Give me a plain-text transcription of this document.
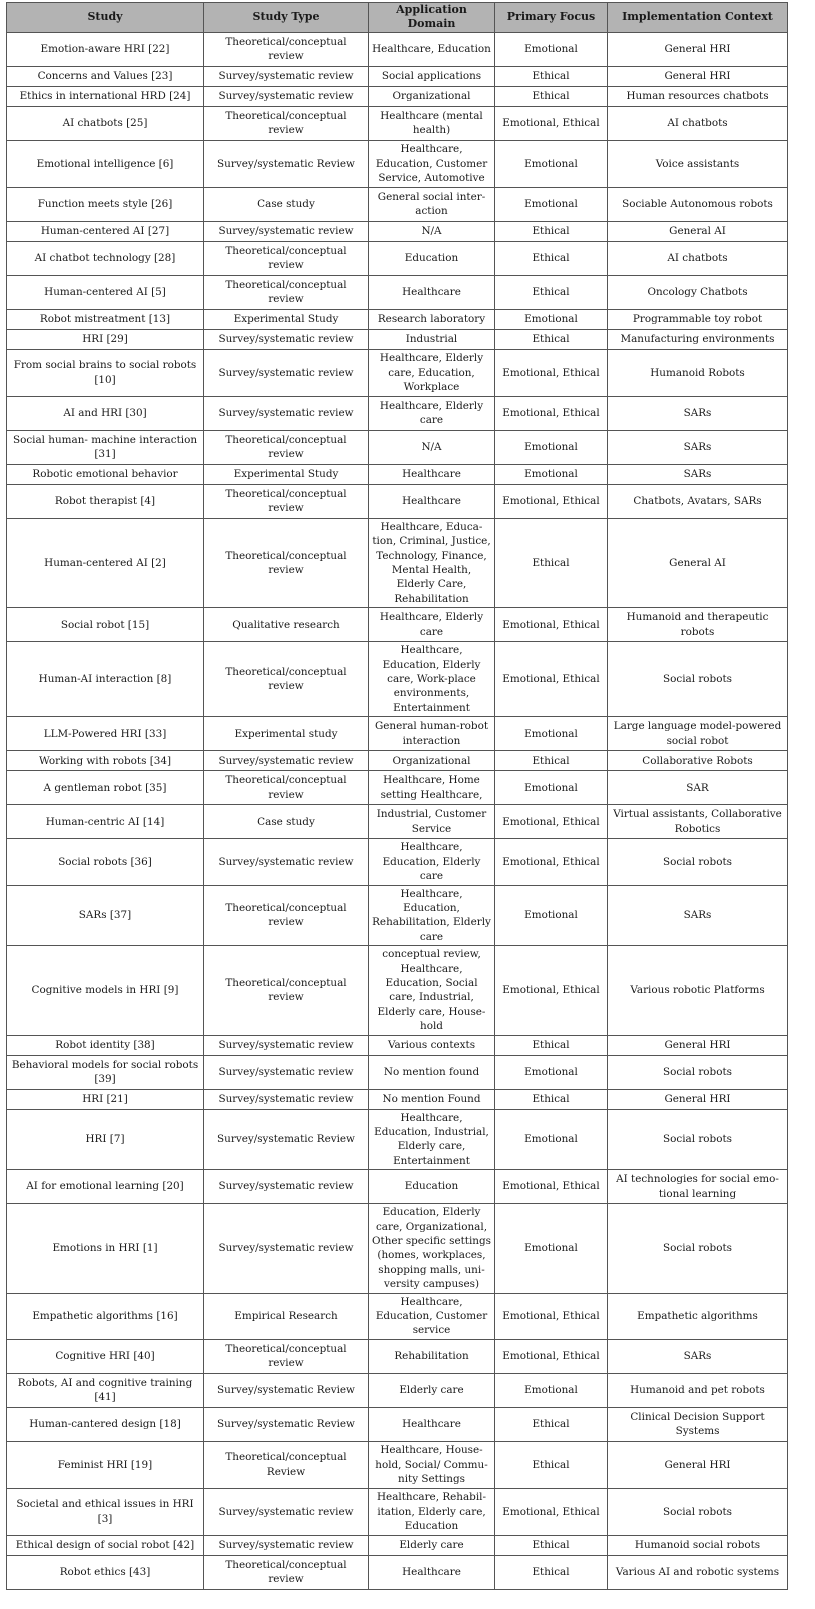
Study	Study Type	Application Domain	Primary Focus	Implementation Context
Emotion-aware HRI [22]	Theoretical/conceptual review	Healthcare, Education	Emotional	General HRI
Concerns and Values [23]	Survey/systematic review	Social applications	Ethical	General HRI
Ethics in international HRD [24]	Survey/systematic review	Organizational	Ethical	Human resources chatbots
AI chatbots [25]	Theoretical/conceptual review	Healthcare (mental health)	Emotional, Ethical	AI chatbots
Emotional intelligence [6]	Survey/systematic Review	Healthcare, Education, Customer Service, Automotive	Emotional	Voice assistants
Function meets style [26]	Case study	General social inter-action	Emotional	Sociable Autonomous robots
Human-centered AI [27]	Survey/systematic review	N/A	Ethical	General AI
AI chatbot technology [28]	Theoretical/conceptual review	Education	Ethical	AI chatbots
Human-centered AI [5]	Theoretical/conceptual review	Healthcare	Ethical	Oncology Chatbots
Robot mistreatment [13]	Experimental Study	Research laboratory	Emotional	Programmable toy robot
HRI [29]	Survey/systematic review	Industrial	Ethical	Manufacturing environments
From social brains to social robots [10]	Survey/systematic review	Healthcare, Elderly care, Education, Workplace	Emotional, Ethical	Humanoid Robots
AI and HRI [30]	Survey/systematic review	Healthcare, Elderly care	Emotional, Ethical	SARs
Social human- machine interaction [31]	Theoretical/conceptual review	N/A	Emotional	SARs
Robotic emotional behavior	Experimental Study	Healthcare	Emotional	SARs
Robot therapist [4]	Theoretical/conceptual review	Healthcare	Emotional, Ethical	Chatbots, Avatars, SARs
Human-centered AI [2]	Theoretical/conceptual review	Healthcare, Educa-tion, Criminal, Justice, Technology, Finance, Mental Health, Elderly Care, Rehabilitation	Ethical	General AI
Social robot [15]	Qualitative research	Healthcare, Elderly care	Emotional, Ethical	Humanoid and therapeutic robots
Human-AI interaction [8]	Theoretical/conceptual review	Healthcare, Education, Elderly care, Work-place environments, Entertainment	Emotional, Ethical	Social robots
LLM-Powered HRI [33]	Experimental study	General human-robot interaction	Emotional	Large language model-powered social robot
Working with robots [34]	Survey/systematic review	Organizational	Ethical	Collaborative Robots
A gentleman robot [35]	Theoretical/conceptual review	Healthcare, Home setting Healthcare,	Emotional	SAR
Human-centric AI [14]	Case study	Industrial, Customer Service	Emotional, Ethical	Virtual assistants, Collaborative Robotics
Social robots [36]	Survey/systematic review	Healthcare, Education, Elderly care	Emotional, Ethical	Social robots
SARs [37]	Theoretical/conceptual review	Healthcare, Education, Rehabilitation, Elderly care	Emotional	SARs
Cognitive models in HRI [9]	Theoretical/conceptual review	conceptual review, Healthcare, Education, Social care, Industrial, Elderly care, House-hold	Emotional, Ethical	Various robotic Platforms
Robot identity [38]	Survey/systematic review	Various contexts	Ethical	General HRI
Behavioral models for social robots [39]	Survey/systematic review	No mention found	Emotional	Social robots
HRI [21]	Survey/systematic review	No mention Found	Ethical	General HRI
HRI [7]	Survey/systematic Review	Healthcare, Education, Industrial, Elderly care, Entertainment	Emotional	Social robots
AI for emotional learning [20]	Survey/systematic review	Education	Emotional, Ethical	AI technologies for social emo-tional learning
Emotions in HRI [1]	Survey/systematic review	Education, Elderly care, Organizational, Other specific settings (homes, workplaces, shopping malls, uni-versity campuses)	Emotional	Social robots
Empathetic algorithms [16]	Empirical Research	Healthcare, Education, Customer service	Emotional, Ethical	Empathetic algorithms
Cognitive HRI [40]	Theoretical/conceptual review	Rehabilitation	Emotional, Ethical	SARs
Robots, AI and cognitive training [41]	Survey/systematic Review	Elderly care	Emotional	Humanoid and pet robots
Human-cantered design [18]	Survey/systematic Review	Healthcare	Ethical	Clinical Decision Support Systems
Feminist HRI [19]	Theoretical/conceptual Review	Healthcare, House-hold, Social/ Commu-nity Settings	Ethical	General HRI
Societal and ethical issues in HRI [3]	Survey/systematic review	Healthcare, Rehabil-itation, Elderly care, Education	Emotional, Ethical	Social robots
Ethical design of social robot [42]	Survey/systematic review	Elderly care	Ethical	Humanoid social robots
Robot ethics [43]	Theoretical/conceptual review	Healthcare	Ethical	Various AI and robotic systems
